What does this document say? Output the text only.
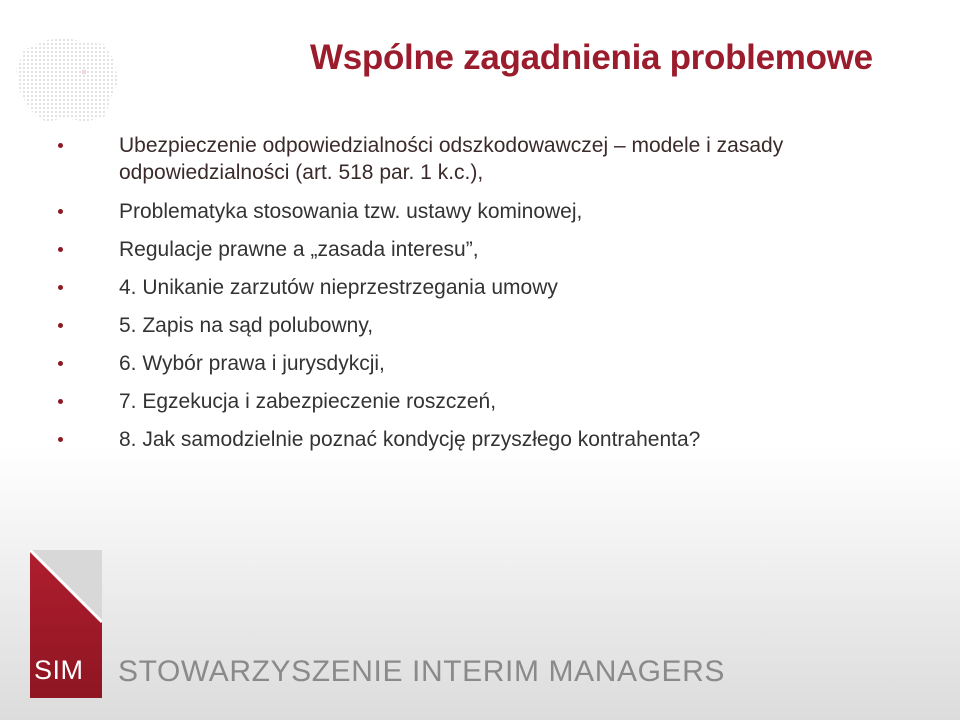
Wspólne zagadnienia problemowe
Ubezpieczenie odpowiedzialności odszkodowawczej – modele i zasady odpowiedzialności (art. 518 par. 1 k.c.),
Problematyka stosowania tzw. ustawy kominowej,
Regulacje prawne a „zasada interesu”,
4. Unikanie zarzutów nieprzestrzegania umowy
5. Zapis na sąd polubowny,
6. Wybór prawa i jurysdykcji,
7. Egzekucja i zabezpieczenie roszczeń,
8. Jak samodzielnie poznać kondycję przyszłego kontrahenta?
SIM STOWARZYSZENIE INTERIM MANAGERS
